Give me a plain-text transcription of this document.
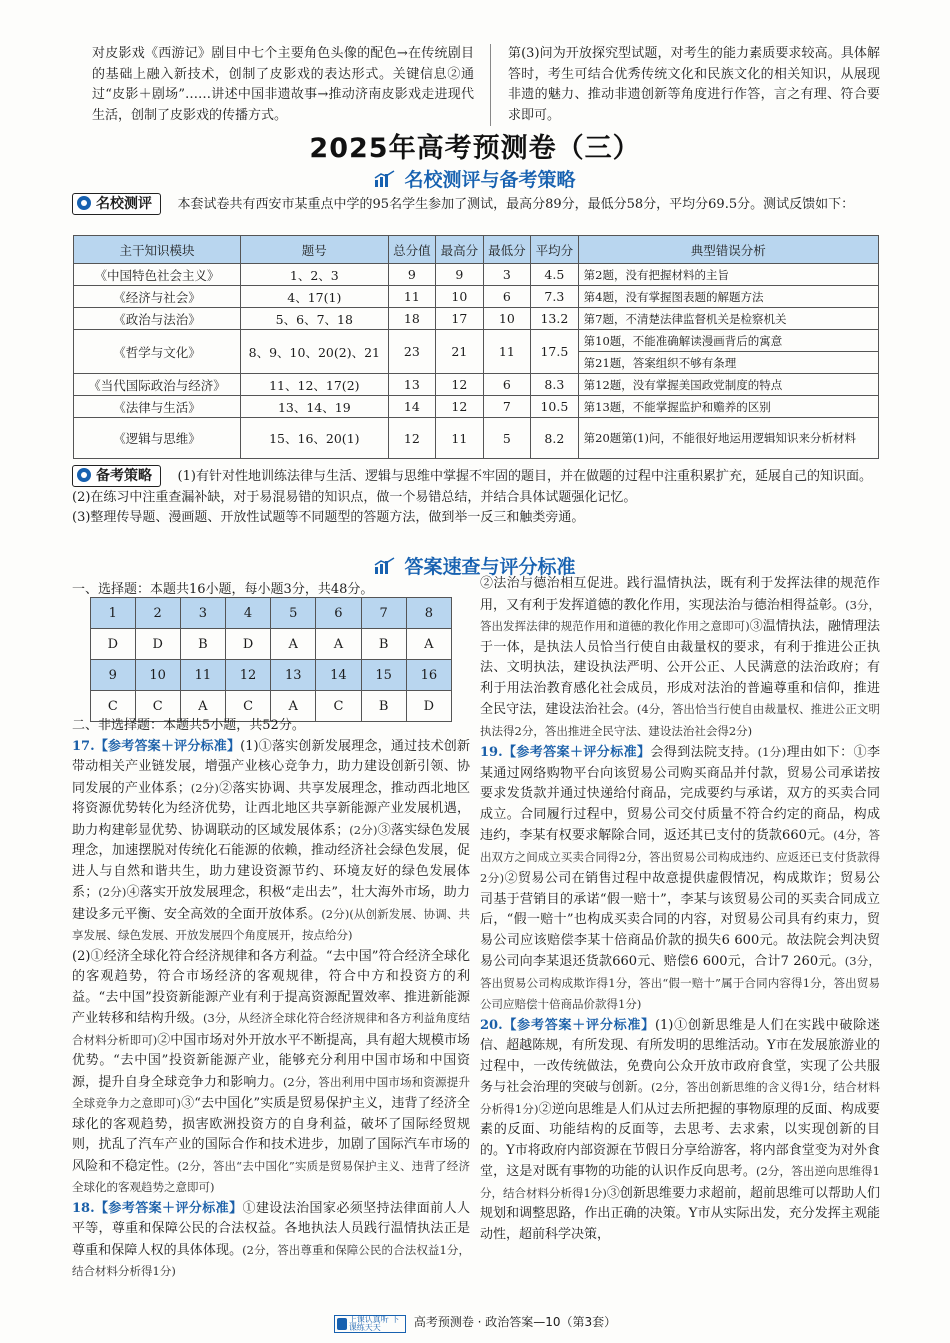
对皮影戏《西游记》剧目中七个主要角色头像的配色→在传统剧目的基础上融入新技术，创制了皮影戏的表达形式。关键信息②通过“皮影＋剧场”……讲述中国非遗故事→推动济南皮影戏走进现代生活，创制了皮影戏的传播方式。

第(3)问为开放探究型试题，对考生的能力素质要求较高。具体解答时，考生可结合优秀传统文化和民族文化的相关知识，从展现非遗的魅力、推动非遗创新等角度进行作答，言之有理、符合要求即可。

2025年高考预测卷（三）
名校测评与备考策略

名校测评 本套试卷共有西安市某重点中学的95名学生参加了测试，最高分89分，最低分58分，平均分69.5分。测试反馈如下：

主干知识模块	题号	总分值	最高分	最低分	平均分	典型错误分析
《中国特色社会主义》	1、2、3	9	9	3	4.5	第2题，没有把握材料的主旨
《经济与社会》	4、17(1)	11	10	6	7.3	第4题，没有掌握图表题的解题方法
《政治与法治》	5、6、7、18	18	17	10	13.2	第7题，不清楚法律监督机关是检察机关
《哲学与文化》	8、9、10、20(2)、21	23	21	11	17.5	第10题，不能准确解读漫画背后的寓意
						第21题，答案组织不够有条理
《当代国际政治与经济》	11、12、17(2)	13	12	6	8.3	第12题，没有掌握美国政党制度的特点
《法律与生活》	13、14、19	14	12	7	10.5	第13题，不能掌握监护和赡养的区别
《逻辑与思维》	15、16、20(1)	12	11	5	8.2	第20题第(1)问，不能很好地运用逻辑知识来分析材料

备考策略 (1)有针对性地训练法律与生活、逻辑与思维中掌握不牢固的题目，并在做题的过程中注重积累扩充，延展自己的知识面。

(2)在练习中注重查漏补缺，对于易混易错的知识点，做一个易错总结，并结合具体试题强化记忆。

(3)整理传导题、漫画题、开放性试题等不同题型的答题方法，做到举一反三和触类旁通。

答案速查与评分标准

一、选择题：本题共16小题，每小题3分，共48分。

1	2	3	4	5	6	7	8
D	D	B	D	A	A	B	A
9	10	11	12	13	14	15	16
C	C	A	C	A	C	B	D

二、非选择题：本题共5小题，共52分。

17.【参考答案＋评分标准】(1)①落实创新发展理念，通过技术创新带动相关产业链发展，增强产业核心竞争力，助力建设创新引领、协同发展的产业体系；(2分)②落实协调、共享发展理念，推动西北地区将资源优势转化为经济优势，让西北地区共享新能源产业发展机遇，助力构建彰显优势、协调联动的区域发展体系；(2分)③落实绿色发展理念，加速摆脱对传统化石能源的依赖，推动经济社会绿色发展，促进人与自然和谐共生，助力建设资源节约、环境友好的绿色发展体系；(2分)④落实开放发展理念，积极“走出去”，壮大海外市场，助力建设多元平衡、安全高效的全面开放体系。(2分)(从创新发展、协调、共享发展、绿色发展、开放发展四个角度展开，按点给分)

(2)①经济全球化符合经济规律和各方利益。“去中国”符合经济全球化的客观趋势，符合市场经济的客观规律，符合中方和投资方的利益。“去中国”投资新能源产业有利于提高资源配置效率、推进新能源产业转移和结构升级。(3分，从经济全球化符合经济规律和各方利益角度结合材料分析即可)②中国市场对外开放水平不断提高，具有超大规模市场优势。“去中国”投资新能源产业，能够充分利用中国市场和中国资源，提升自身全球竞争力和影响力。(2分，答出利用中国市场和资源提升全球竞争力之意即可)③“去中国化”实质是贸易保护主义，违背了经济全球化的客观趋势，损害欧洲投资方的自身利益，破坏了国际经贸规则，扰乱了汽车产业的国际合作和技术进步，加剧了国际汽车市场的风险和不稳定性。(2分，答出“去中国化”实质是贸易保护主义、违背了经济全球化的客观趋势之意即可)

18.【参考答案＋评分标准】①建设法治国家必须坚持法律面前人人平等，尊重和保障公民的合法权益。各地执法人员践行温情执法正是尊重和保障人权的具体体现。(2分，答出尊重和保障公民的合法权益1分，结合材料分析得1分)

②法治与德治相互促进。践行温情执法，既有利于发挥法律的规范作用，又有利于发挥道德的教化作用，实现法治与德治相得益彰。(3分，答出发挥法律的规范作用和道德的教化作用之意即可)③温情执法，融情理法于一体，是执法人员恰当行使自由裁量权的要求，有利于推进公正执法、文明执法，建设执法严明、公开公正、人民满意的法治政府；有利于用法治教育感化社会成员，形成对法治的普遍尊重和信仰，推进全民守法，建设法治社会。(4分，答出恰当行使自由裁量权、推进公正文明执法得2分，答出推进全民守法、建设法治社会得2分)

19.【参考答案＋评分标准】会得到法院支持。(1分)理由如下：①李某通过网络购物平台向该贸易公司购买商品并付款，贸易公司承诺按要求发货款并通过快递给付商品，完成要约与承诺，双方的买卖合同成立。合同履行过程中，贸易公司交付质量不符合约定的商品，构成违约，李某有权要求解除合同，返还其已支付的货款660元。(4分，答出双方之间成立买卖合同得2分，答出贸易公司构成违约、应返还已支付货款得2分)②贸易公司在销售过程中故意提供虚假情况，构成欺诈；贸易公司基于营销目的承诺“假一赔十”，李某与该贸易公司的买卖合同成立后，“假一赔十”也构成买卖合同的内容，对贸易公司具有约束力，贸易公司应该赔偿李某十倍商品价款的损失6 600元。故法院会判决贸易公司向李某退还货款660元、赔偿6 600元，合计7 260元。(3分，答出贸易公司构成欺诈得1分，答出“假一赔十”属于合同内容得1分，答出贸易公司应赔偿十倍商品价款得1分)

20.【参考答案＋评分标准】(1)①创新思维是人们在实践中破除迷信、超越陈规，有所发现、有所发明的思维活动。Y市在发展旅游业的过程中，一改传统做法，免费向公众开放市政府食堂，实现了公共服务与社会治理的突破与创新。(2分，答出创新思维的含义得1分，结合材料分析得1分)②逆向思维是人们从过去所把握的事物原理的反面、构成要素的反面、功能结构的反面等，去思考、去求索，以实现创新的目的。Y市将政府内部资源在节假日分享给游客，将内部食堂变为对外食堂，这是对既有事物的功能的认识作反向思考。(2分，答出逆向思维得1分，结合材料分析得1分)③创新思维要力求超前，超前思维可以帮助人们规划和调整思路，作出正确的决策。Y市从实际出发，充分发挥主观能动性，超前科学决策，

上课认真听 下课练天天	高考预测卷 · 政治答案—10（第3套）
